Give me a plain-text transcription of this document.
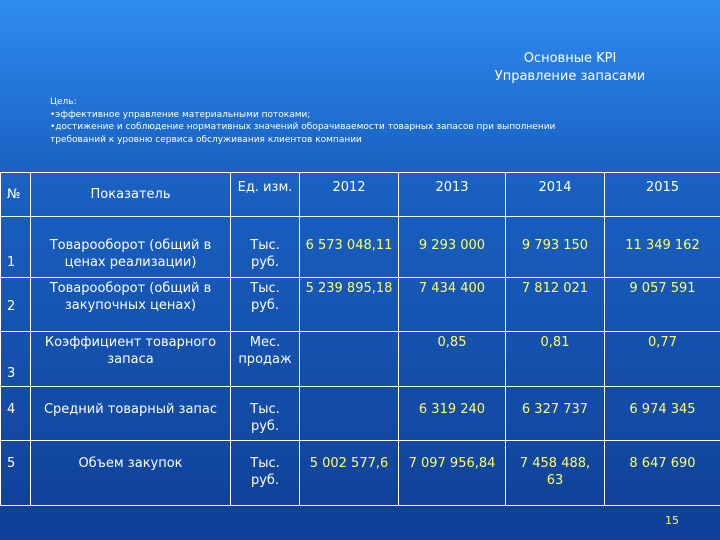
Основные KPI
Управление запасами
Цель:
•эффективное управление материальными потоками;
•достижение и соблюдение нормативных значений оборачиваемости товарных запасов при выполнении
требований к уровню сервиса обслуживания клиентов компании
№	Показатель	Ед. изм.	2012	2013	2014	2015
1	Товарооборот (общий в ценах реализации)	Тыс. руб.	6 573 048,11	9 293 000	9 793 150	11 349 162
2	Товарооборот (общий в закупочных ценах)	Тыс. руб.	5 239 895,18	7 434 400	7 812 021	9 057 591
3	Коэффициент товарного запаса	Мес. продаж		0,85	0,81	0,77
4	Средний товарный запас	Тыс. руб.		6 319 240	6 327 737	6 974 345
5	Объем закупок	Тыс. руб.	5 002 577,6	7 097 956,84	7 458 488, 63	8 647 690
15
